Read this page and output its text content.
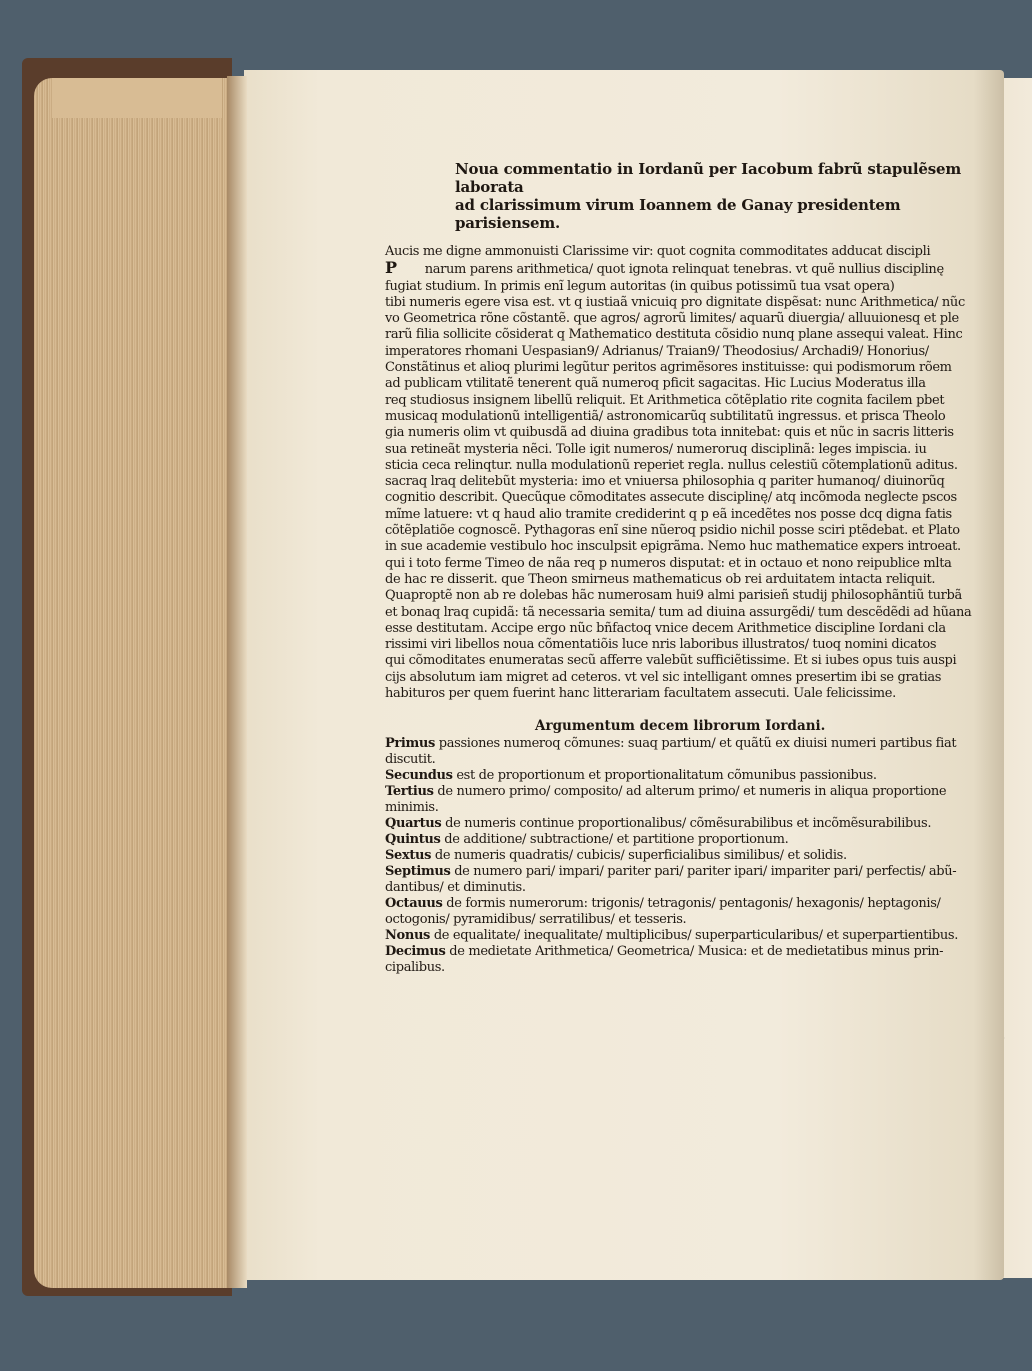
Noua commentatio in Iordanũ per Iacobum fabrũ stapulẽsem laborata
ad clarissimum virum Ioannem de Ganay presidentem parisiensem.
Aucis me digne ammonuisti Clarissime vir: quot cognita commoditates adducat discipli
P narum parens arithmetica/ quot ignota relinquat tenebras. vt quẽ nullius disciplinę
fugiat studium. In primis enĩ legum autoritas (in quibus potissimũ tua vsat opera)
tibi numeris egere visa est. vt q iustiaã vnicuiq pro dignitate dispẽsat: nunc Arithmetica/ nũc
vo Geometrica rõne cõstantẽ. que agros/ agrorũ limites/ aquarũ diuergia/ alluuionesq et ple
rarũ filia sollicite cõsiderat q Mathematico destituta cõsidio nunq plane assequi valeat. Hinc
imperatores rhomani Uespasian9/ Adrianus/ Traian9/ Theodosius/ Archadi9/ Honorius/
Constãtinus et alioq plurimi legũtur peritos agrimẽsores instituisse: qui podismorum rõem
ad publicam vtilitatẽ tenerent quã numeroq pficit sagacitas. Hic Lucius Moderatus illa
req studiosus insignem libellũ reliquit. Et Arithmetica cõtẽplatio rite cognita facilem pbet
musicaq modulationũ intelligentiã/ astronomicarũq subtilitatũ ingressus. et prisca Theolo
gia numeris olim vt quibusdã ad diuina gradibus tota innitebat: quis et nũc in sacris litteris
sua retineãt mysteria nẽci. Tolle igit numeros/ numeroruq disciplinã: leges impiscia. iu
sticia ceca relinqtur. nulla modulationũ reperiet regla. nullus celestiũ cõtemplationũ aditus.
sacraq lraq delitebũt mysteria: imo et vniuersa philosophia q pariter humanoq/ diuinorũq
cognitio describit. Quecũque cõmoditates assecute disciplinę/ atq incõmoda neglecte pscos
mĩme latuere: vt q haud alio tramite crediderint q p eã incedẽtes nos posse dcq digna fatis
cõtẽplatiõe cognoscẽ. Pythagoras enĩ sine nũeroq psidio nichil posse sciri ptẽdebat. et Plato
in sue academie vestibulo hoc insculpsit epigrãma. Nemo huc mathematice expers introeat.
qui i toto ferme Timeo de nãa req p numeros disputat: et in octauo et nono reipublice mlta
de hac re disserit. que Theon smirneus mathematicus ob rei arduitatem intacta reliquit.
Quaproptẽ non ab re dolebas hãc numerosam hui9 almi parisieñ studij philosophãntiũ turbã
et bonaq lraq cupidã: tã necessaria semita/ tum ad diuina assurgẽdi/ tum descẽdẽdi ad hũana
esse destitutam. Accipe ergo nũc bñfactoq vnice decem Arithmetice discipline Iordani cla
rissimi viri libellos noua cõmentatiõis luce nris laboribus illustratos/ tuoq nomini dicatos
qui cõmoditates enumeratas secũ afferre valebũt sufficiẽtissime. Et si iubes opus tuis auspi
cijs absolutum iam migret ad ceteros. vt vel sic intelligant omnes presertim ibi se gratias
habituros per quem fuerint hanc litterariam facultatem assecuti. Uale felicissime.
Argumentum decem librorum Iordani.
Primus passiones numeroq cõmunes: suaq partium/ et quãtũ ex diuisi numeri partibus fiat
discutit.
Secundus est de proportionum et proportionalitatum cõmunibus passionibus.
Tertius de numero primo/ composito/ ad alterum primo/ et numeris in aliqua proportione
minimis.
Quartus de numeris continue proportionalibus/ cõmẽsurabilibus et incõmẽsurabilibus.
Quintus de additione/ subtractione/ et partitione proportionum.
Sextus de numeris quadratis/ cubicis/ superficialibus similibus/ et solidis.
Septimus de numero pari/ impari/ pariter pari/ pariter ipari/ impariter pari/ perfectis/ abũ-
dantibus/ et diminutis.
Octauus de formis numerorum: trigonis/ tetragonis/ pentagonis/ hexagonis/ heptagonis/
octogonis/ pyramidibus/ serratilibus/ et tesseris.
Nonus de equalitate/ inequalitate/ multiplicibus/ superparticularibus/ et superpartientibus.
Decimus de medietate Arithmetica/ Geometrica/ Musica: et de medietatibus minus prin-
cipalibus.
